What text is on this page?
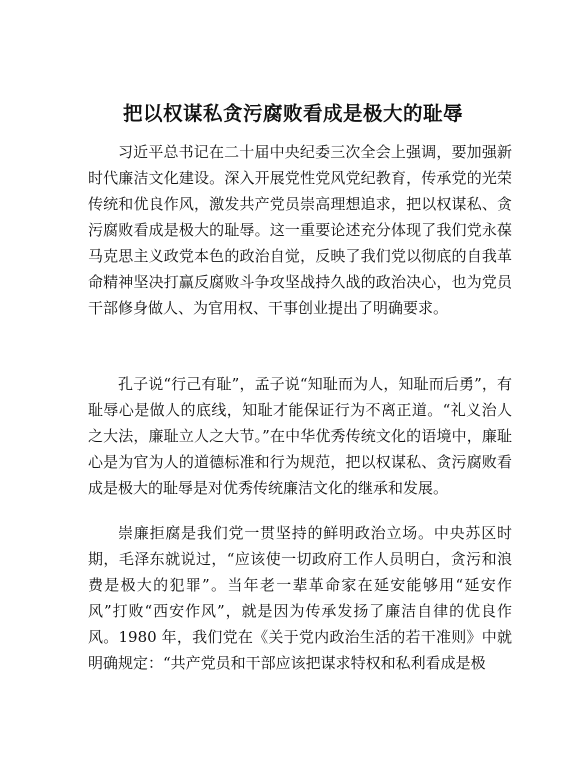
把以权谋私贪污腐败看成是极大的耻辱

习近平总书记在二十届中央纪委三次全会上强调，要加强新时代廉洁文化建设。深入开展党性党风党纪教育，传承党的光荣传统和优良作风，激发共产党员崇高理想追求，把以权谋私、贪污腐败看成是极大的耻辱。这一重要论述充分体现了我们党永葆马克思主义政党本色的政治自觉，反映了我们党以彻底的自我革命精神坚决打赢反腐败斗争攻坚战持久战的政治决心，也为党员干部修身做人、为官用权、干事创业提出了明确要求。

孔子说“行己有耻”，孟子说“知耻而为人，知耻而后勇”，有耻辱心是做人的底线，知耻才能保证行为不离正道。“礼义治人之大法，廉耻立人之大节。”在中华优秀传统文化的语境中，廉耻心是为官为人的道德标准和行为规范，把以权谋私、贪污腐败看成是极大的耻辱是对优秀传统廉洁文化的继承和发展。

崇廉拒腐是我们党一贯坚持的鲜明政治立场。中央苏区时期，毛泽东就说过，“应该使一切政府工作人员明白，贪污和浪费是极大的犯罪”。当年老一辈革命家在延安能够用“延安作风”打败“西安作风”，就是因为传承发扬了廉洁自律的优良作风。1980 年，我们党在《关于党内政治生活的若干准则》中就明确规定：“共产党员和干部应该把谋求特权和私利看成是极
